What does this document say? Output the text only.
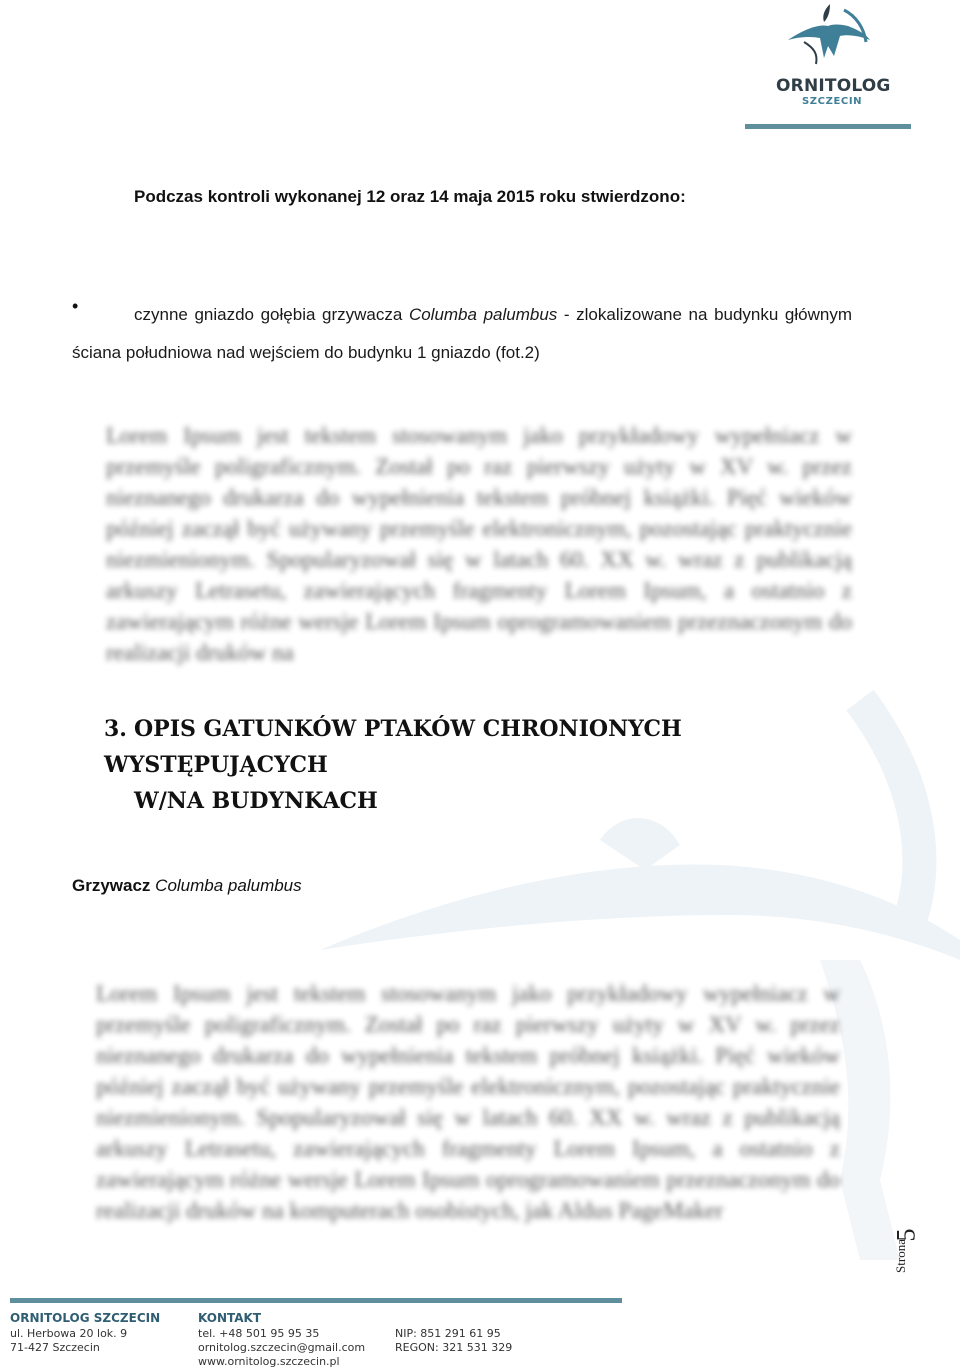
ORNITOLOG
SZCZECIN
Podczas kontroli wykonanej 12 oraz 14 maja 2015 roku stwierdzono:
•	czynne gniazdo gołębia grzywacza Columba palumbus - zlokalizowane na budynku głównym ściana południowa nad wejściem do budynku 1 gniazdo (fot.2)
Lorem Ipsum jest tekstem stosowanym jako przykładowy wypełniacz w przemyśle poligraficznym. Został po raz pierwszy użyty w XV w. przez nieznanego drukarza do wypełnienia tekstem próbnej książki. Pięć wieków później zaczął być używany przemyśle elektronicznym, pozostając praktycznie niezmienionym. Spopularyzował się w latach 60. XX w. wraz z publikacją arkuszy Letrasetu, zawierających fragmenty Lorem Ipsum, a ostatnio z zawierającym różne wersje Lorem Ipsum oprogramowaniem przeznaczonym do realizacji druków na
3. OPIS GATUNKÓW PTAKÓW CHRONIONYCH WYSTĘPUJĄCYCH
W/NA BUDYNKACH
Grzywacz Columba palumbus
Lorem Ipsum jest tekstem stosowanym jako przykładowy wypełniacz w przemyśle poligraficznym. Został po raz pierwszy użyty w XV w. przez nieznanego drukarza do wypełnienia tekstem próbnej książki. Pięć wieków później zaczął być używany przemyśle elektronicznym, pozostając praktycznie niezmienionym. Spopularyzował się w latach 60. XX w. wraz z publikacją arkuszy Letrasetu, zawierających fragmenty Lorem Ipsum, a ostatnio z zawierającym różne wersje Lorem Ipsum oprogramowaniem przeznaczonym do realizacji druków na komputerach osobistych, jak Aldus PageMaker
5
Strona
ORNITOLOG SZCZECIN
ul. Herbowa 20 lok. 9
71-427 Szczecin
KONTAKT
tel. +48 501 95 95 35
ornitolog.szczecin@gmail.com
www.ornitolog.szczecin.pl
NIP: 851 291 61 95
REGON: 321 531 329
